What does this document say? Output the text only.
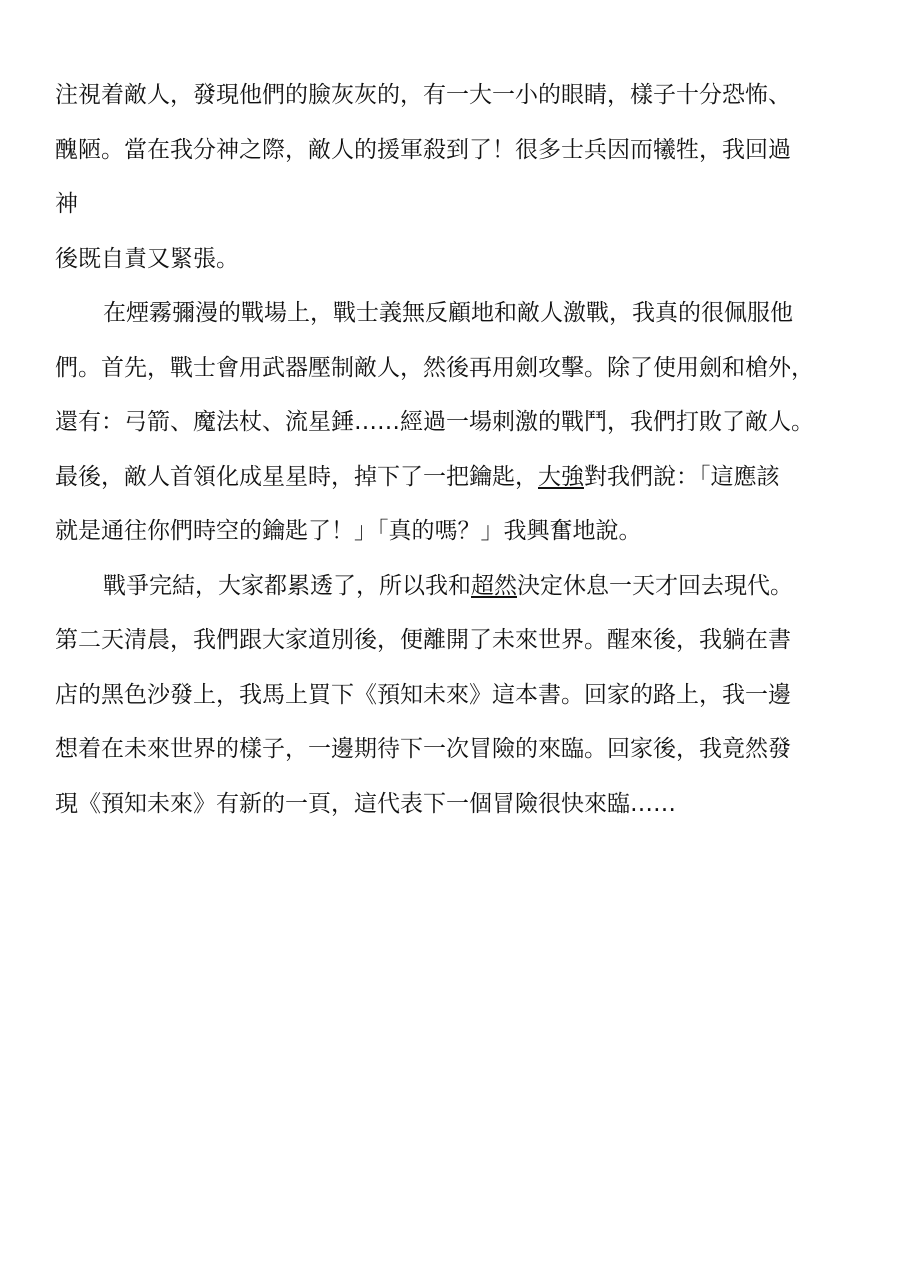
注視着敵人，發現他們的臉灰灰的，有一大一小的眼睛，樣子十分恐怖、
醜陋。當在我分神之際，敵人的援軍殺到了！很多士兵因而犧牲，我回過
神
後既自責又緊張。
在煙霧彌漫的戰場上，戰士義無反顧地和敵人激戰，我真的很佩服他
們。首先，戰士會用武器壓制敵人，然後再用劍攻擊。除了使用劍和槍外，
還有：弓箭、魔法杖、流星錘……經過一場刺激的戰鬥，我們打敗了敵人。
最後，敵人首領化成星星時，掉下了一把鑰匙，大強對我們說：「這應該
就是通往你們時空的鑰匙了！」「真的嗎？」我興奮地說。
戰爭完結，大家都累透了，所以我和超然決定休息一天才回去現代。
第二天清晨，我們跟大家道別後，便離開了未來世界。醒來後，我躺在書
店的黑色沙發上，我馬上買下《預知未來》這本書。回家的路上，我一邊
想着在未來世界的樣子，一邊期待下一次冒險的來臨。回家後，我竟然發
現《預知未來》有新的一頁，這代表下一個冒險很快來臨……
